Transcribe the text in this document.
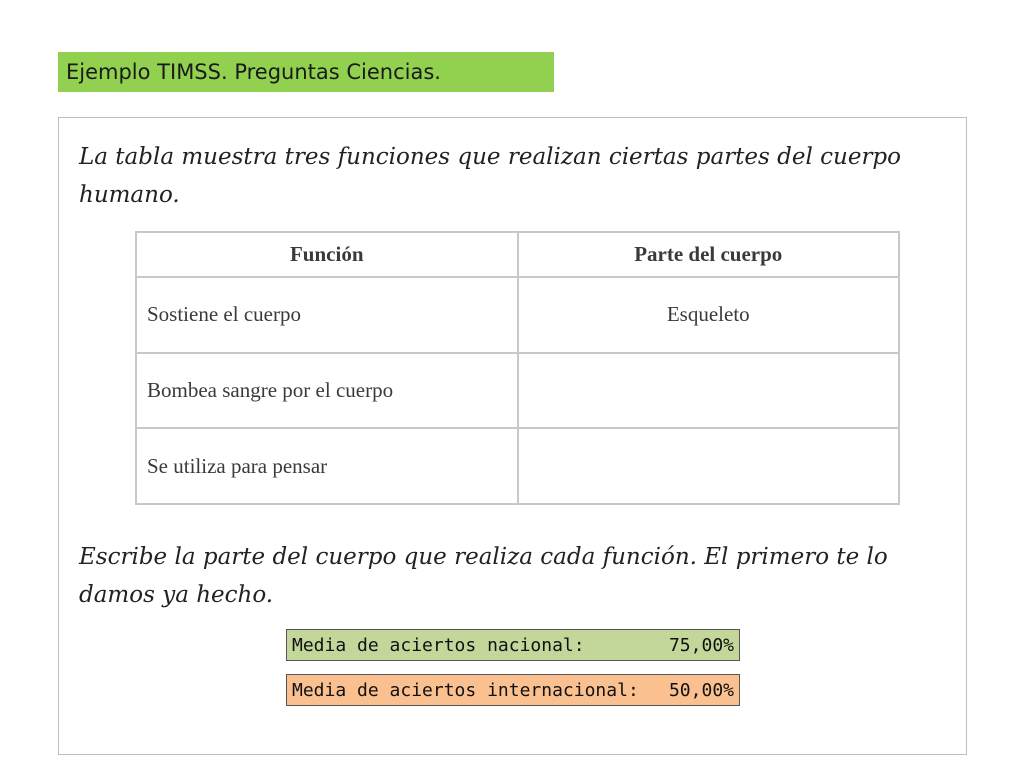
Ejemplo TIMSS. Preguntas Ciencias.
La tabla muestra tres funciones que realizan ciertas partes del cuerpo humano.
Función	Parte del cuerpo
Sostiene el cuerpo	Esqueleto
Bombea sangre por el cuerpo	
Se utiliza para pensar	
Escribe la parte del cuerpo que realiza cada función. El primero te lo damos ya hecho.
Media de aciertos nacional:	75,00%
Media de aciertos internacional:	50,00%
